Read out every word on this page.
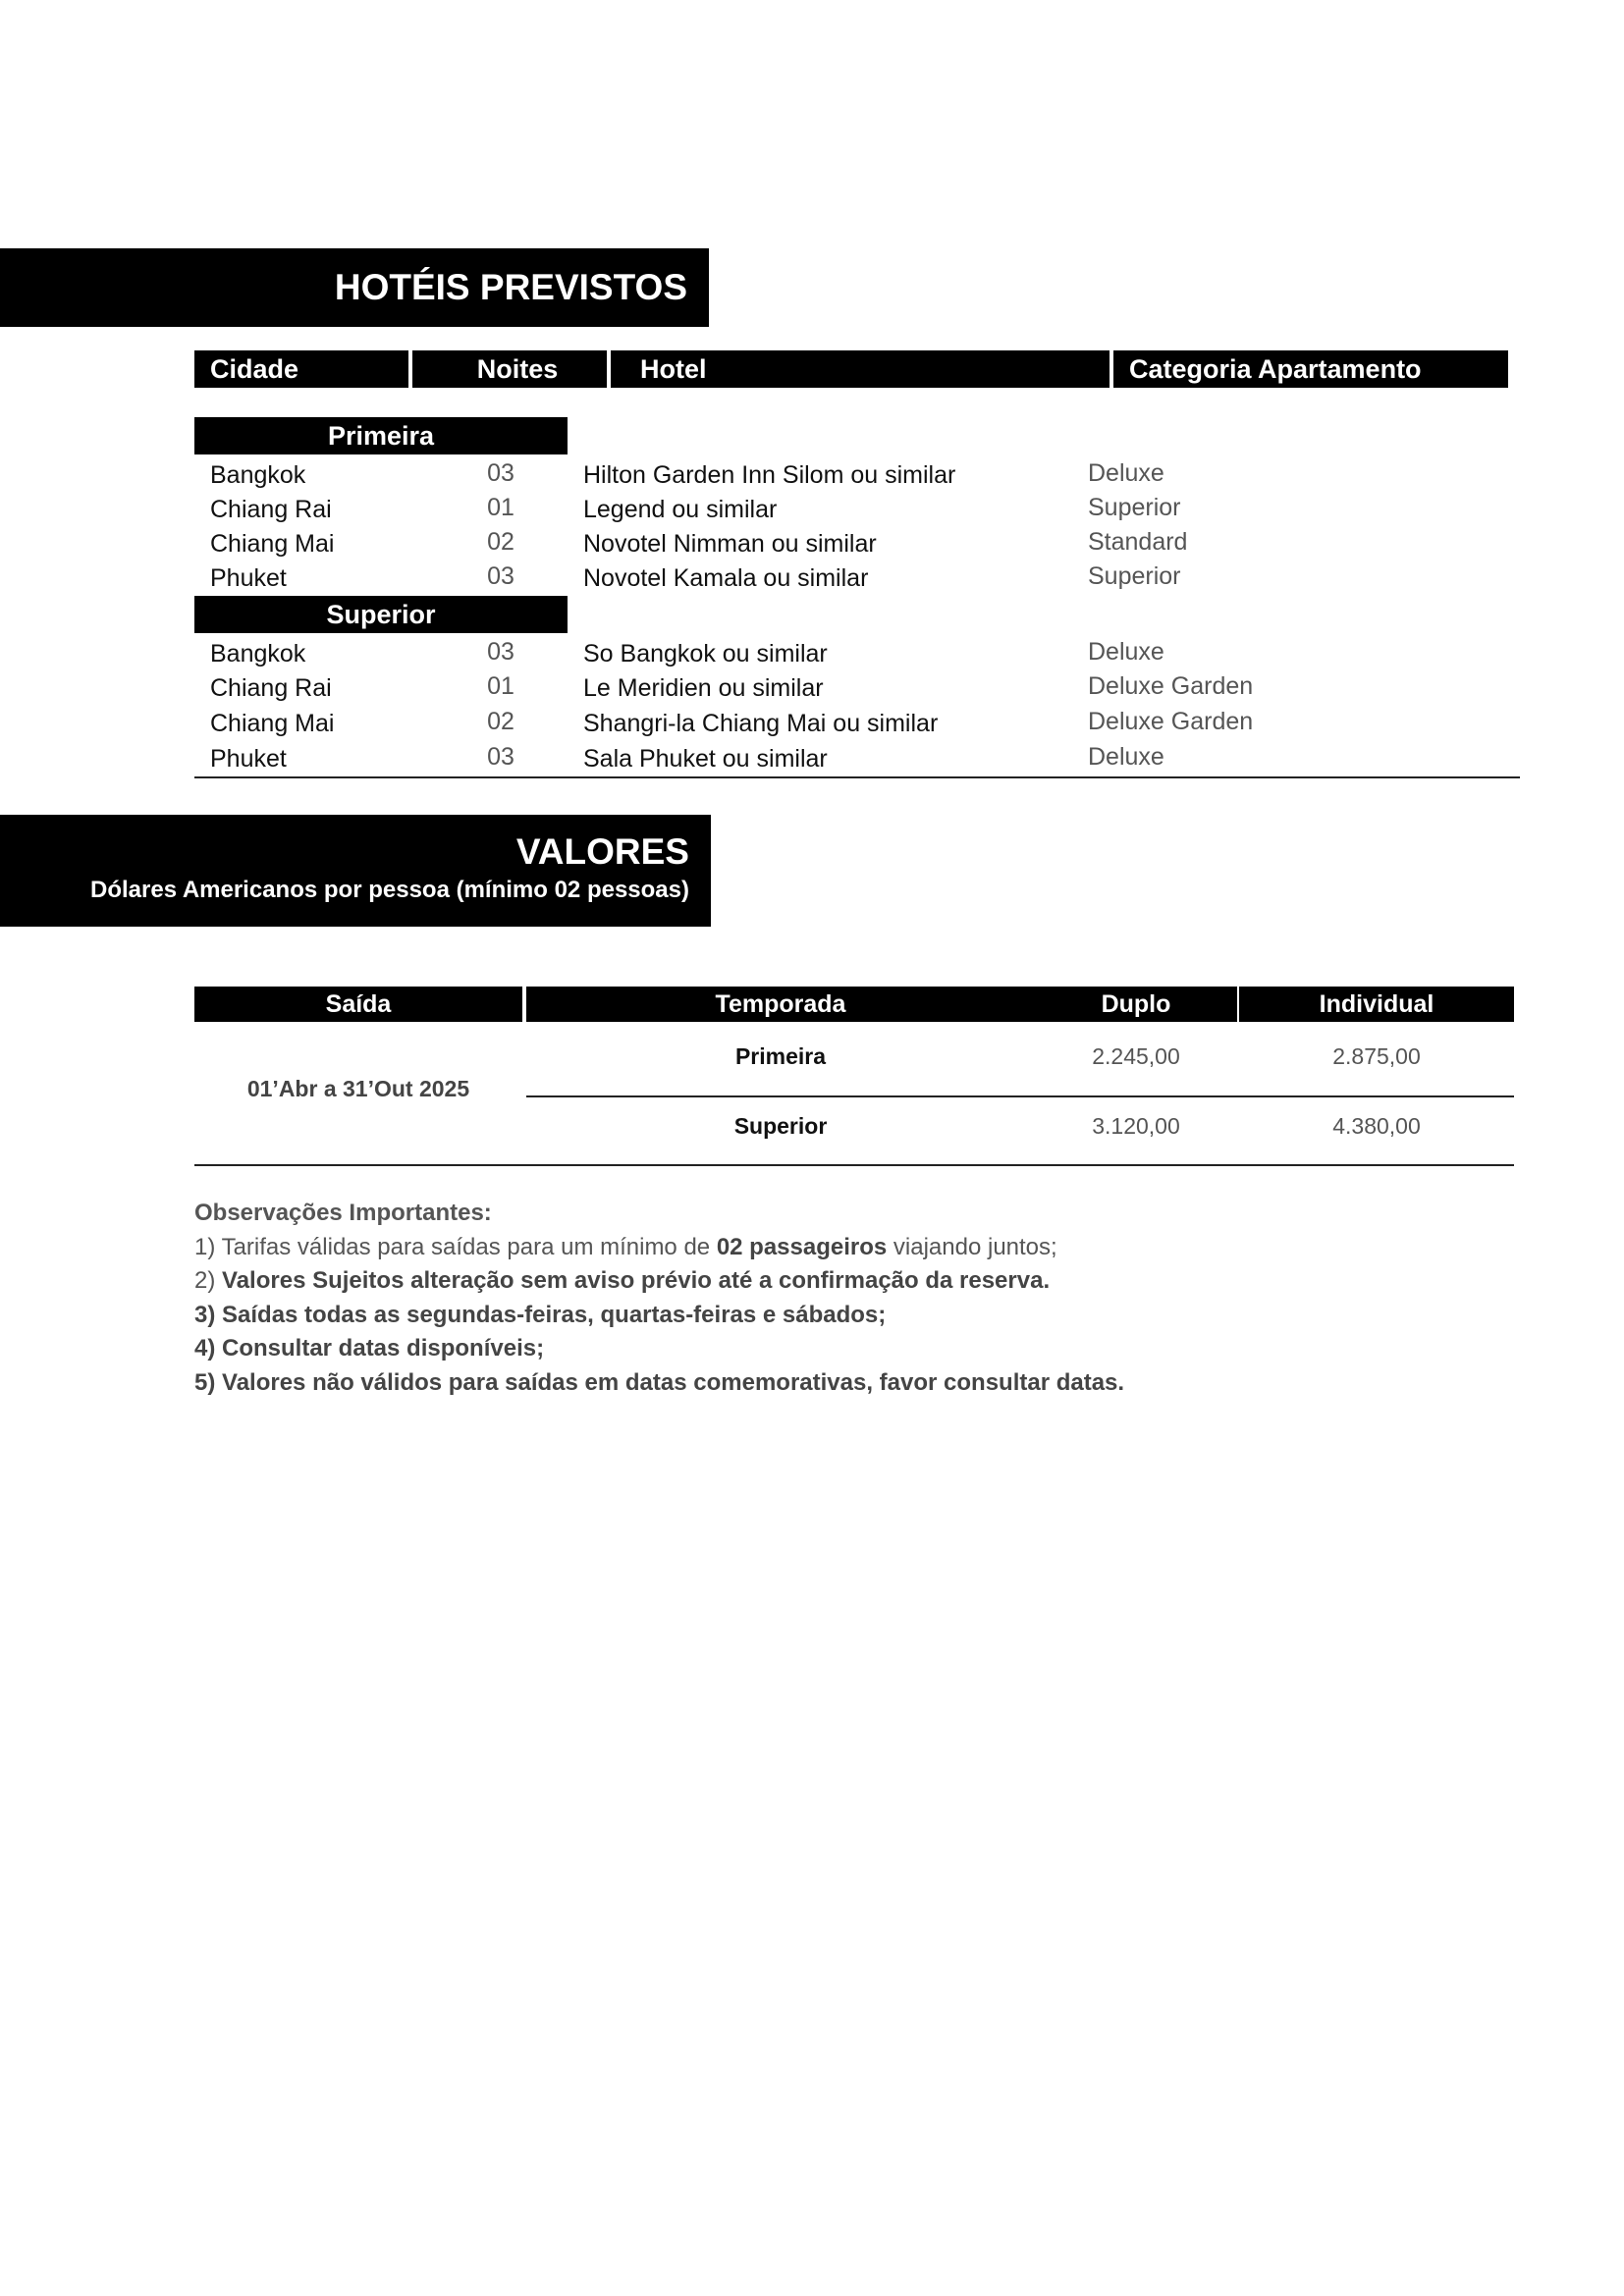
HOTÉIS PREVISTOS
Cidade	Noites	Hotel	Categoria Apartamento
Primeira
Bangkok	03	Hilton Garden Inn Silom ou similar	Deluxe
Chiang Rai	01	Legend ou similar	Superior
Chiang Mai	02	Novotel Nimman ou similar	Standard
Phuket	03	Novotel Kamala ou similar	Superior
Superior
Bangkok	03	So Bangkok ou similar	Deluxe
Chiang Rai	01	Le Meridien ou similar	Deluxe Garden
Chiang Mai	02	Shangri-la Chiang Mai ou similar	Deluxe Garden
Phuket	03	Sala Phuket ou similar	Deluxe
VALORES
Dólares Americanos por pessoa (mínimo 02 pessoas)
Saída	Temporada	Duplo	Individual
01’Abr a 31’Out 2025
Primeira	2.245,00	2.875,00
Superior	3.120,00	4.380,00
Observações Importantes:
1) Tarifas válidas para saídas para um mínimo de 02 passageiros viajando juntos;
2) Valores Sujeitos alteração sem aviso prévio até a confirmação da reserva.
3) Saídas todas as segundas-feiras, quartas-feiras e sábados;
4) Consultar datas disponíveis;
5) Valores não válidos para saídas em datas comemorativas, favor consultar datas.
